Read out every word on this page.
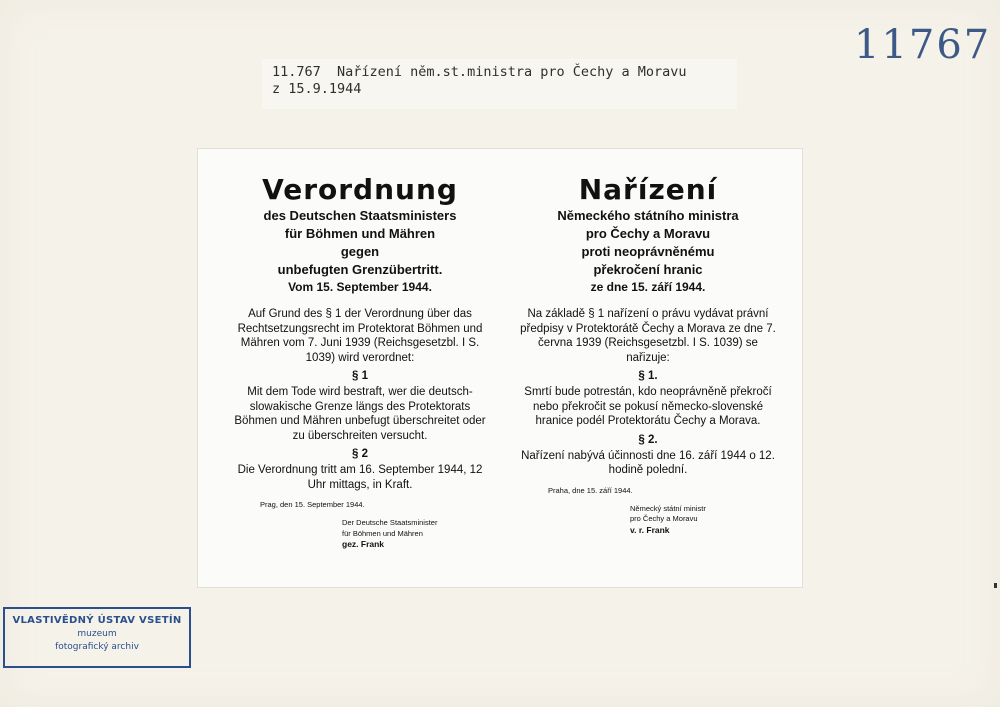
11767
11.767  Nařízení něm.st.ministra pro Čechy a Moravu
z 15.9.1944
Verordnung

des Deutschen Staatsministers

für Böhmen und Mähren

gegen

unbefugten Grenzübertritt.

Vom 15. September 1944.

Auf Grund des § 1 der Verordnung über das Rechtsetzungsrecht im Protektorat Böhmen und Mähren vom 7. Juni 1939 (Reichsgesetzbl. I S. 1039) wird verordnet:

§ 1

Mit dem Tode wird bestraft, wer die deutsch-slowakische Grenze längs des Protektorats Böhmen und Mähren unbefugt überschreitet oder zu überschreiten versucht.

§ 2

Die Verordnung tritt am 16. September 1944, 12 Uhr mittags, in Kraft.

Prag, den 15. September 1944.

Der Deutsche Staatsminister

für Böhmen und Mähren

gez. Frank

Nařízení

Německého státního ministra

pro Čechy a Moravu

proti neoprávněnému

překročení hranic

ze dne 15. září 1944.

Na základě § 1 nařízení o právu vydávat právní předpisy v Protektorátě Čechy a Morava ze dne 7. června 1939 (Reichsgesetzbl. I S. 1039) se nařizuje:

§ 1.

Smrtí bude potrestán, kdo neoprávněně překročí nebo překročit se pokusí německo-slovenské hranice podél Protektorátu Čechy a Morava.

§ 2.

Nařízení nabývá účinnosti dne 16. září 1944 o 12. hodině polední.

Praha, dne 15. září 1944.

Německý státní ministr

pro Čechy a Moravu

v. r. Frank

VLASTIVĚDNÝ ÚSTAV VSETÍN
muzeum
fotografický archiv
